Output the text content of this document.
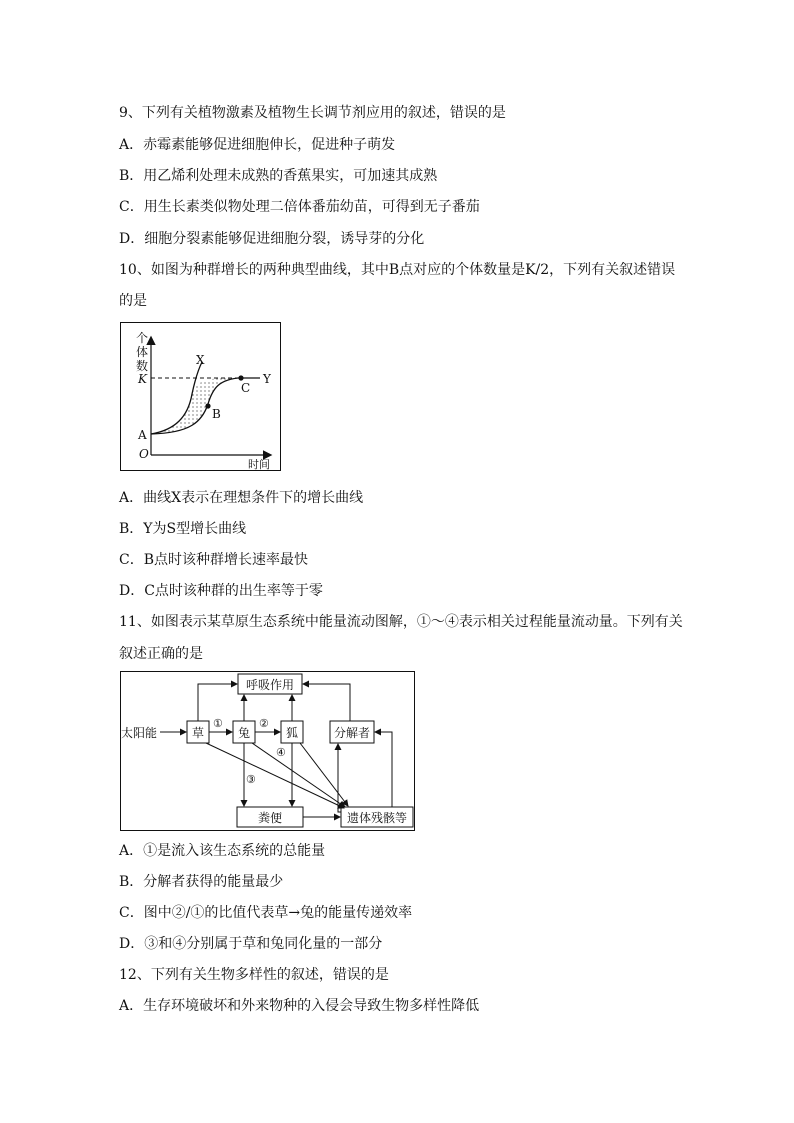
9、下列有关植物激素及植物生长调节剂应用的叙述，错误的是
A．赤霉素能够促进细胞伸长，促进种子萌发
B．用乙烯利处理未成熟的香蕉果实，可加速其成熟
C．用生长素类似物处理二倍体番茄幼苗，可得到无子番茄
D．细胞分裂素能够促进细胞分裂，诱导芽的分化
10、如图为种群增长的两种典型曲线，其中B点对应的个体数量是K/2，下列有关叙述错误
的是
个
体
数
K
A
O
时间
X
Y
B
C
A．曲线X表示在理想条件下的增长曲线
B．Y为S型增长曲线
C．B点时该种群增长速率最快
D．C点时该种群的出生率等于零
11、如图表示某草原生态系统中能量流动图解，①～④表示相关过程能量流动量。下列有关
叙述正确的是
呼吸作用
草	兔	狐	分解者
粪便	遗体残骸等
太阳能
①	②
③
④
A．①是流入该生态系统的总能量
B．分解者获得的能量最少
C．图中②/①的比值代表草→兔的能量传递效率
D．③和④分别属于草和兔同化量的一部分
12、下列有关生物多样性的叙述，错误的是
A．生存环境破坏和外来物种的入侵会导致生物多样性降低
